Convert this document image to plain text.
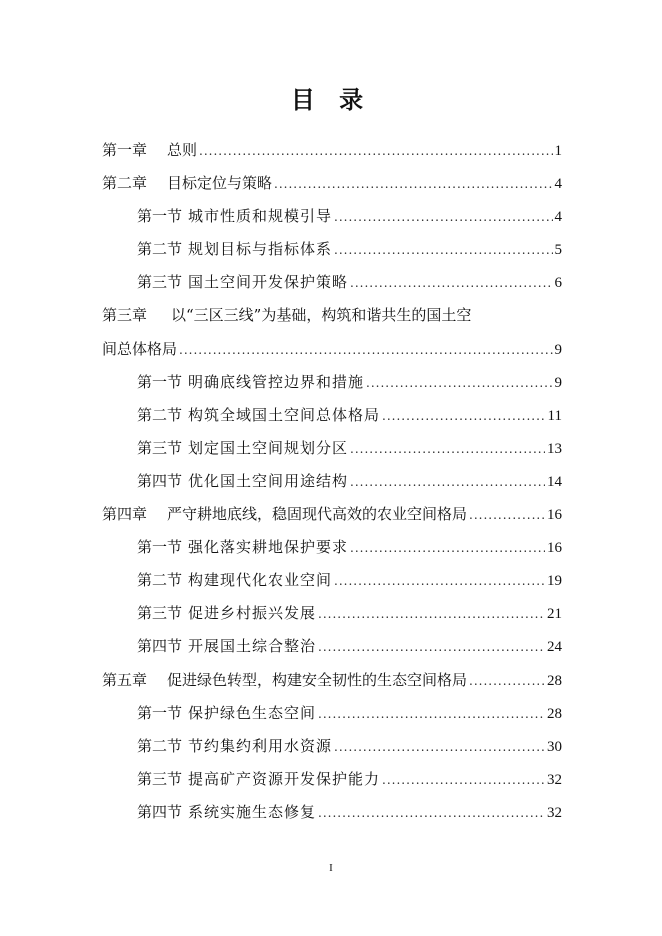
目 录
第一章 总则 .....	1
第二章 目标定位与策略 .....	4
第一节 城市性质和规模引导 .....	4
第二节 规划目标与指标体系 .....	5
第三节 国土空间开发保护策略 .....	6
第三章 以“三区三线”为基础，构筑和谐共生的国土空
间总体格局 .....	9
第一节 明确底线管控边界和措施 .....	9
第二节 构筑全域国土空间总体格局 .....	11
第三节 划定国土空间规划分区 .....	13
第四节 优化国土空间用途结构 .....	14
第四章 严守耕地底线，稳固现代高效的农业空间格局 .....	16
第一节 强化落实耕地保护要求 .....	16
第二节 构建现代化农业空间 .....	19
第三节 促进乡村振兴发展 .....	21
第四节 开展国土综合整治 .....	24
第五章 促进绿色转型，构建安全韧性的生态空间格局 .....	28
第一节 保护绿色生态空间 .....	28
第二节 节约集约利用水资源 .....	30
第三节 提高矿产资源开发保护能力 .....	32
第四节 系统实施生态修复 .....	32
I
